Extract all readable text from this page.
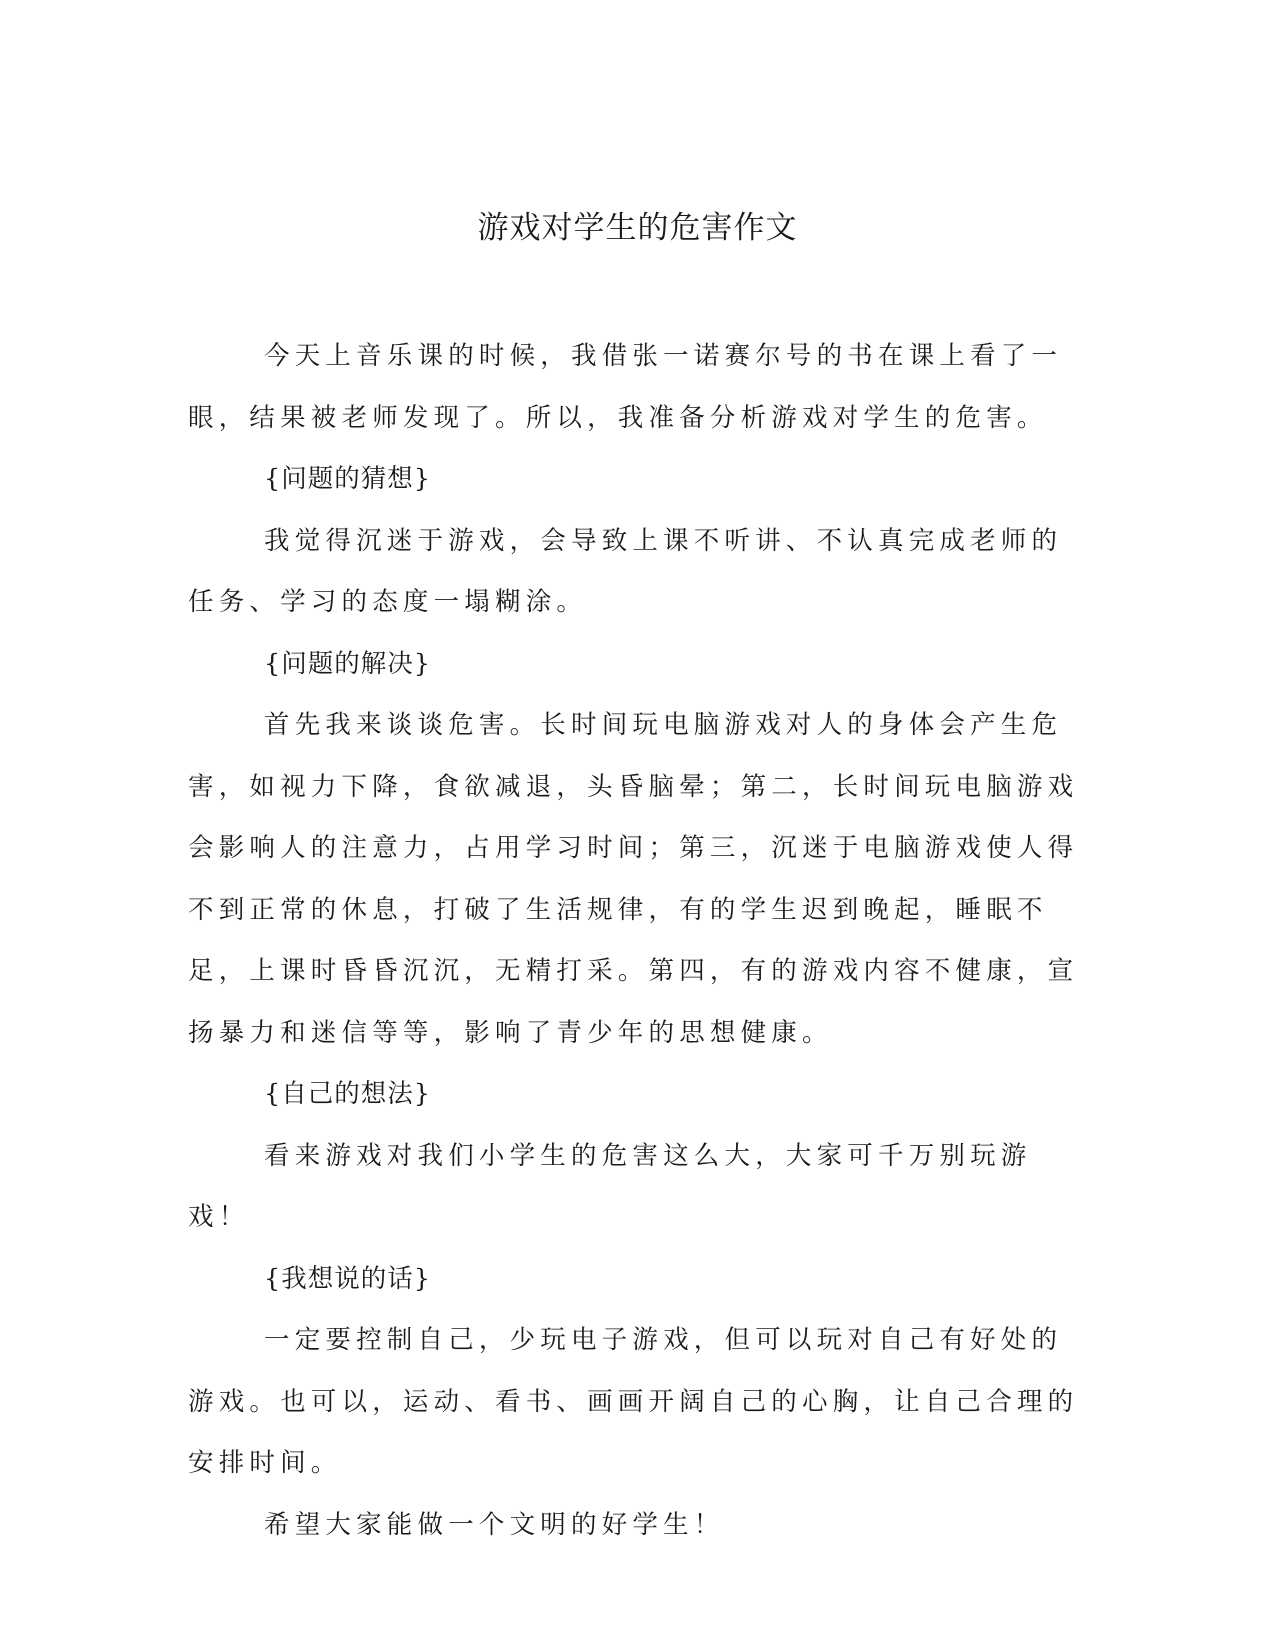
游戏对学生的危害作文

今天上音乐课的时候，我借张一诺赛尔号的书在课上看了一眼，结果被老师发现了。所以，我准备分析游戏对学生的危害。

{问题的猜想}

我觉得沉迷于游戏，会导致上课不听讲、不认真完成老师的任务、学习的态度一塌糊涂。

{问题的解决}

首先我来谈谈危害。长时间玩电脑游戏对人的身体会产生危害，如视力下降，食欲减退，头昏脑晕；第二，长时间玩电脑游戏会影响人的注意力，占用学习时间；第三，沉迷于电脑游戏使人得不到正常的休息，打破了生活规律，有的学生迟到晚起，睡眠不足，上课时昏昏沉沉，无精打采。第四，有的游戏内容不健康，宣扬暴力和迷信等等，影响了青少年的思想健康。

{自己的想法}

看来游戏对我们小学生的危害这么大，大家可千万别玩游戏！

{我想说的话}

一定要控制自己，少玩电子游戏，但可以玩对自己有好处的游戏。也可以，运动、看书、画画开阔自己的心胸，让自己合理的安排时间。

希望大家能做一个文明的好学生！
